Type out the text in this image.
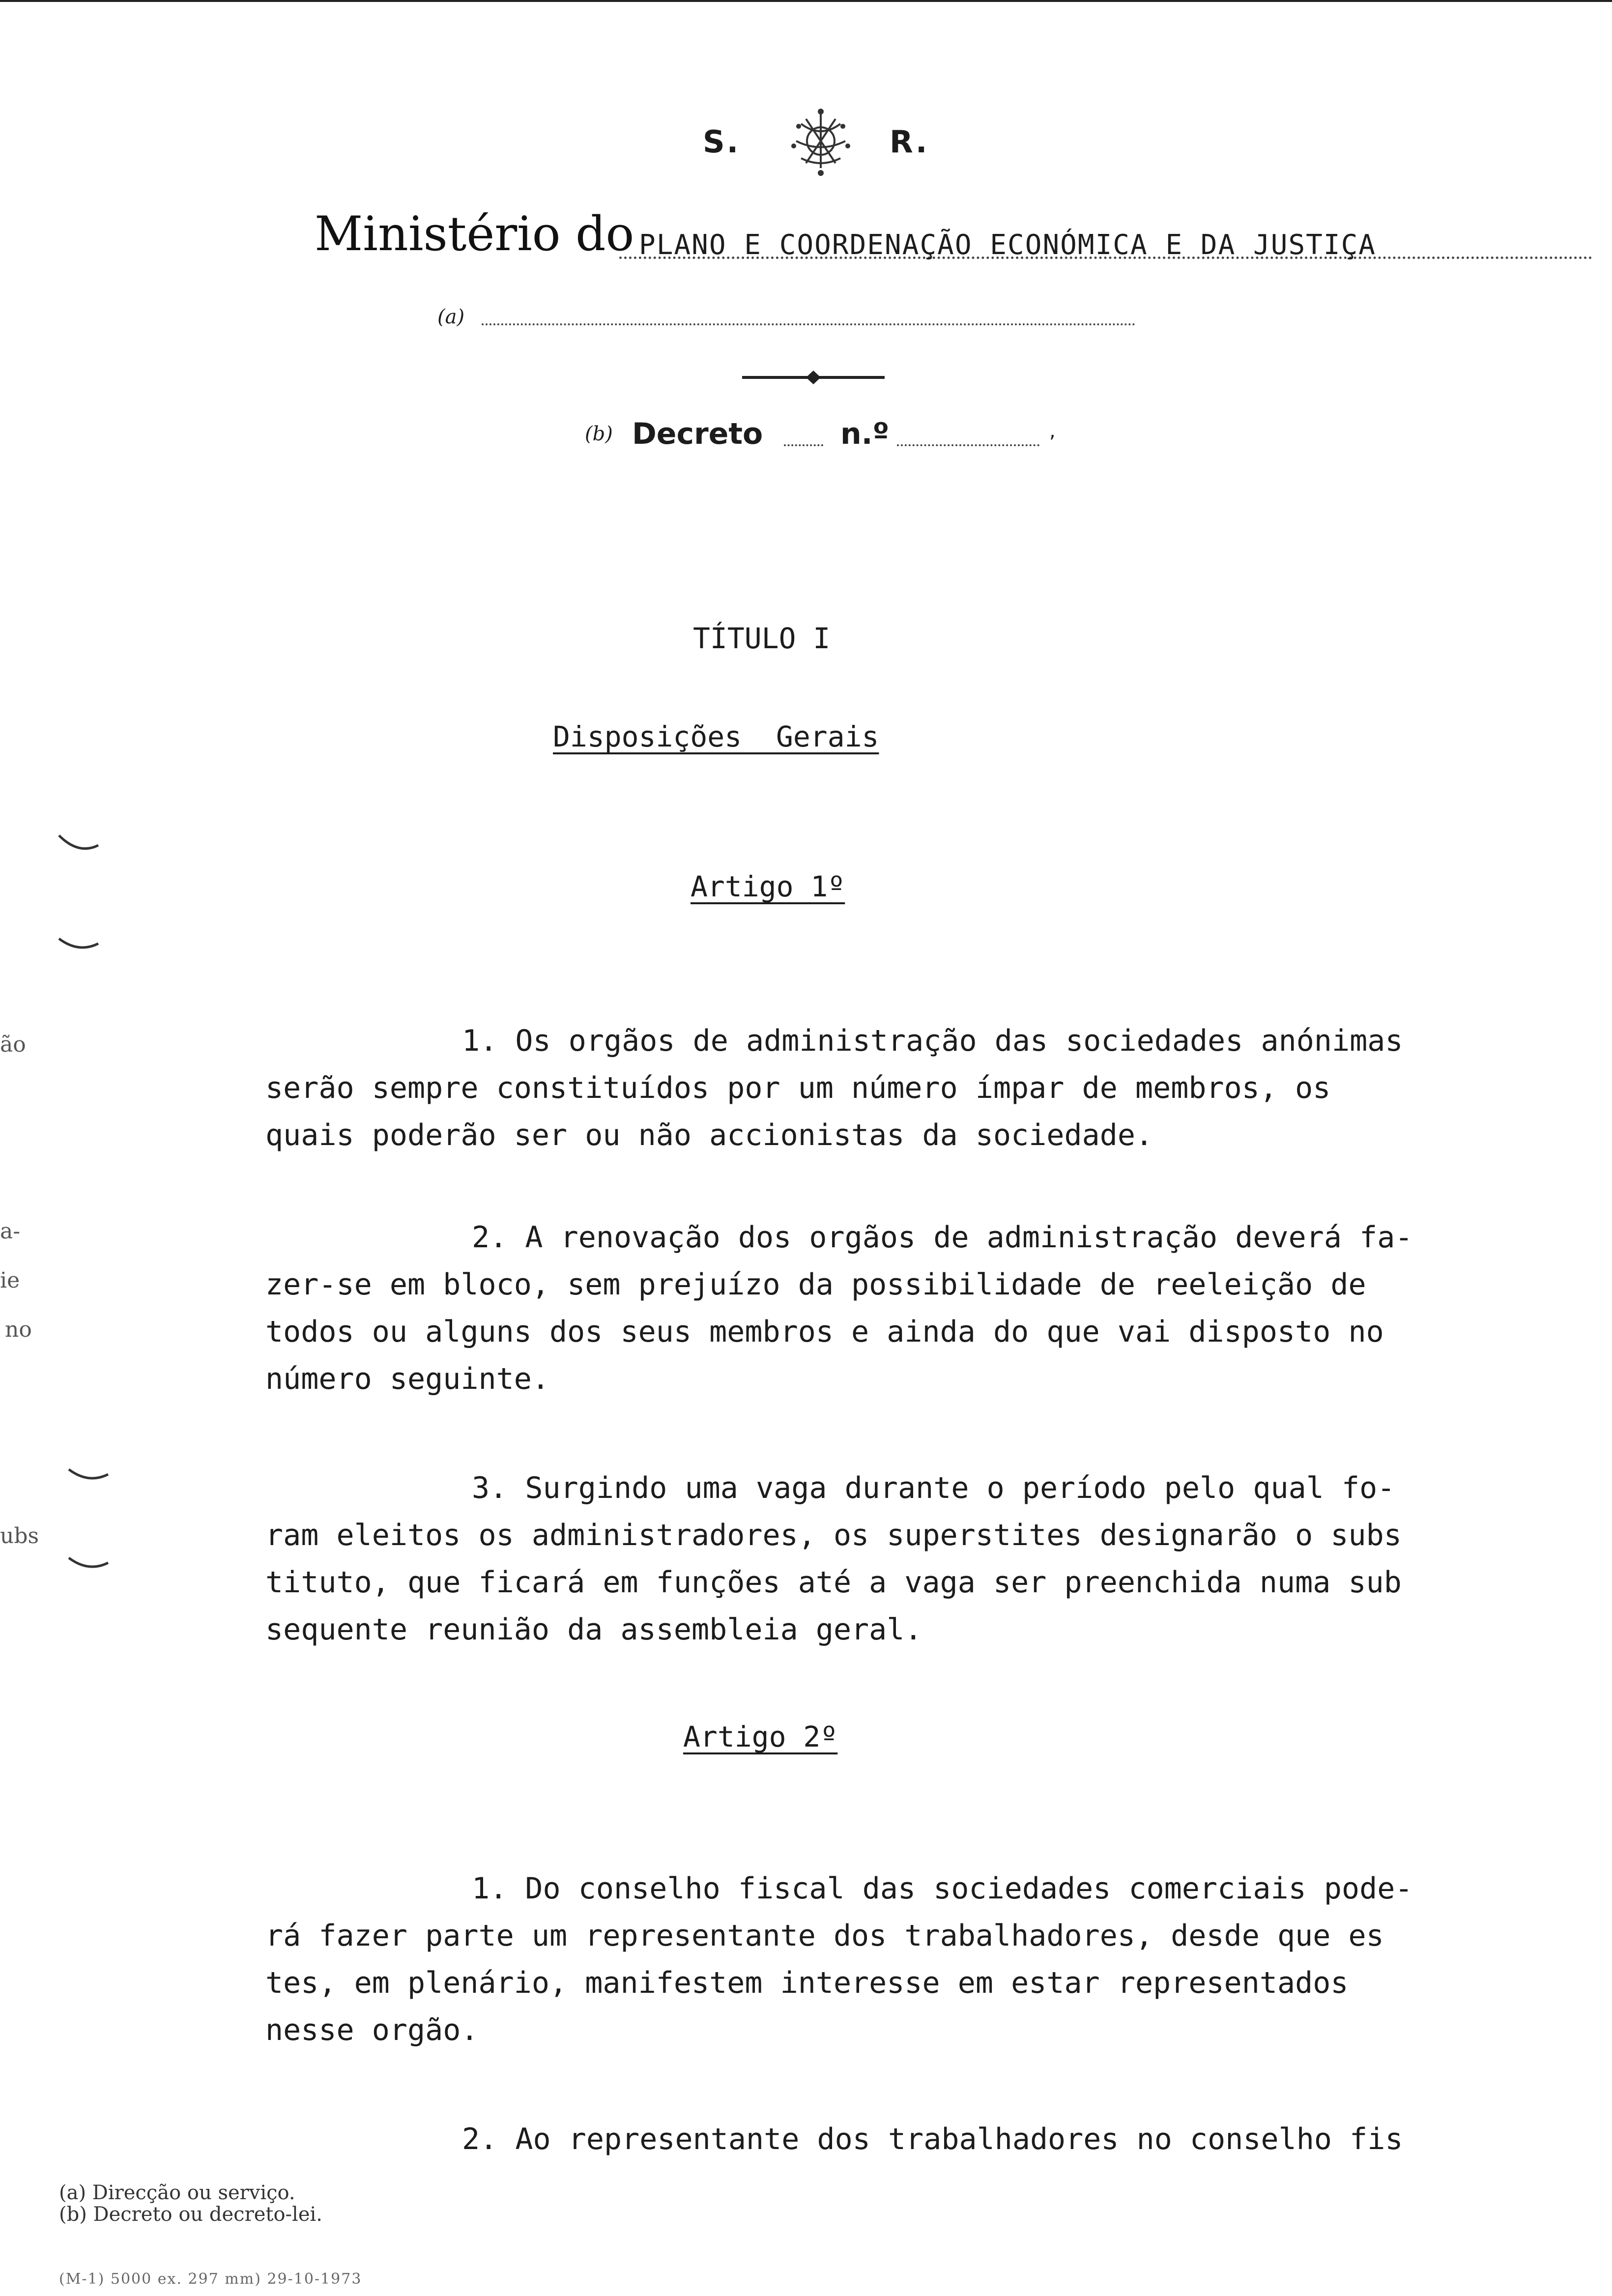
S.	R.
Ministério do PLANO E COORDENAÇÃO ECONÓMICA E DA JUSTIÇA
(a)
(b) Decreto	n.º	,
TÍTULO I
Disposições  Gerais
Artigo 1º
1. Os orgãos de administração das sociedades anónimas
serão sempre constituídos por um número ímpar de membros, os
quais poderão ser ou não accionistas da sociedade.
2. A renovação dos orgãos de administração deverá fa-
zer-se em bloco, sem prejuízo da possibilidade de reeleição de
todos ou alguns dos seus membros e ainda do que vai disposto no
número seguinte.
3. Surgindo uma vaga durante o período pelo qual fo-
ram eleitos os administradores, os superstites designarão o subs
tituto, que ficará em funções até a vaga ser preenchida numa sub
sequente reunião da assembleia geral.
Artigo 2º
1. Do conselho fiscal das sociedades comerciais pode-
rá fazer parte um representante dos trabalhadores, desde que es
tes, em plenário, manifestem interesse em estar representados
nesse orgão.
2. Ao representante dos trabalhadores no conselho fis
ão
a-
ie
no
ubs
(a) Direcção ou serviço.
(b) Decreto ou decreto-lei.
(M-1) 5000 ex. 297 mm) 29-10-1973
